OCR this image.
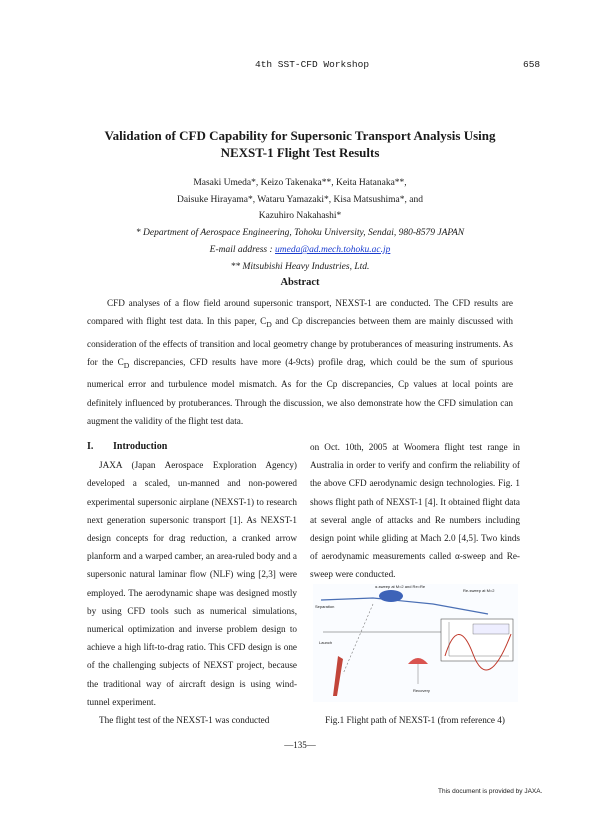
4th SST-CFD Workshop	658
Validation of CFD Capability for Supersonic Transport Analysis Using
NEXST-1 Flight Test Results
Masaki Umeda*, Keizo Takenaka**, Keita Hatanaka**,
Daisuke Hirayama*, Wataru Yamazaki*, Kisa Matsushima*, and
Kazuhiro Nakahashi*
* Department of Aerospace Engineering, Tohoku University, Sendai, 980-8579 JAPAN
E-mail address : umeda@ad.mech.tohoku.ac.jp
** Mitsubishi Heavy Industries, Ltd.
Abstract

CFD analyses of a flow field around supersonic transport, NEXST-1 are conducted. The CFD results are compared with flight test data. In this paper, $C_D$ and Cp discrepancies between them are mainly discussed with consideration of the effects of transition and local geometry change by protuberances of measuring instruments. As for the $C_D$ discrepancies, CFD results have more (4-9cts) profile drag, which could be the sum of spurious numerical error and turbulence model mismatch. As for the Cp discrepancies, Cp values at local points are definitely influenced by protuberances. Through the discussion, we also demonstrate how the CFD simulation can augment the validity of the flight test data.

I. Introduction

JAXA (Japan Aerospace Exploration Agency) developed a scaled, un-manned and non-powered experimental supersonic airplane (NEXST-1) to research next generation supersonic transport [1]. As NEXST-1 design concepts for drag reduction, a cranked arrow planform and a warped camber, an area-ruled body and a supersonic natural laminar flow (NLF) wing [2,3] were employed. The aerodynamic shape was designed mostly by using CFD tools such as numerical simulations, numerical optimization and inverse problem design to achieve a high lift-to-drag ratio. This CFD design is one of the challenging subjects of NEXST project, because the traditional way of aircraft design is using wind-tunnel experiment.

The flight test of the NEXST-1 was conducted

on Oct. 10th, 2005 at Woomera flight test range in Australia in order to verify and confirm the reliability of the above CFD aerodynamic design technologies. Fig. 1 shows flight path of NEXST-1 [4]. It obtained flight data at several angle of attacks and Re numbers including design point while gliding at Mach 2.0 [4,5]. Two kinds of aerodynamic measurements called α-sweep and Re-sweep were conducted.

Separation
Launch
Recovery
α-sweep at M=2 and Re=Re
Re-sweep at M=2
Fig.1 Flight path of NEXST-1 (from reference 4)
—135—
This document is provided by JAXA.
